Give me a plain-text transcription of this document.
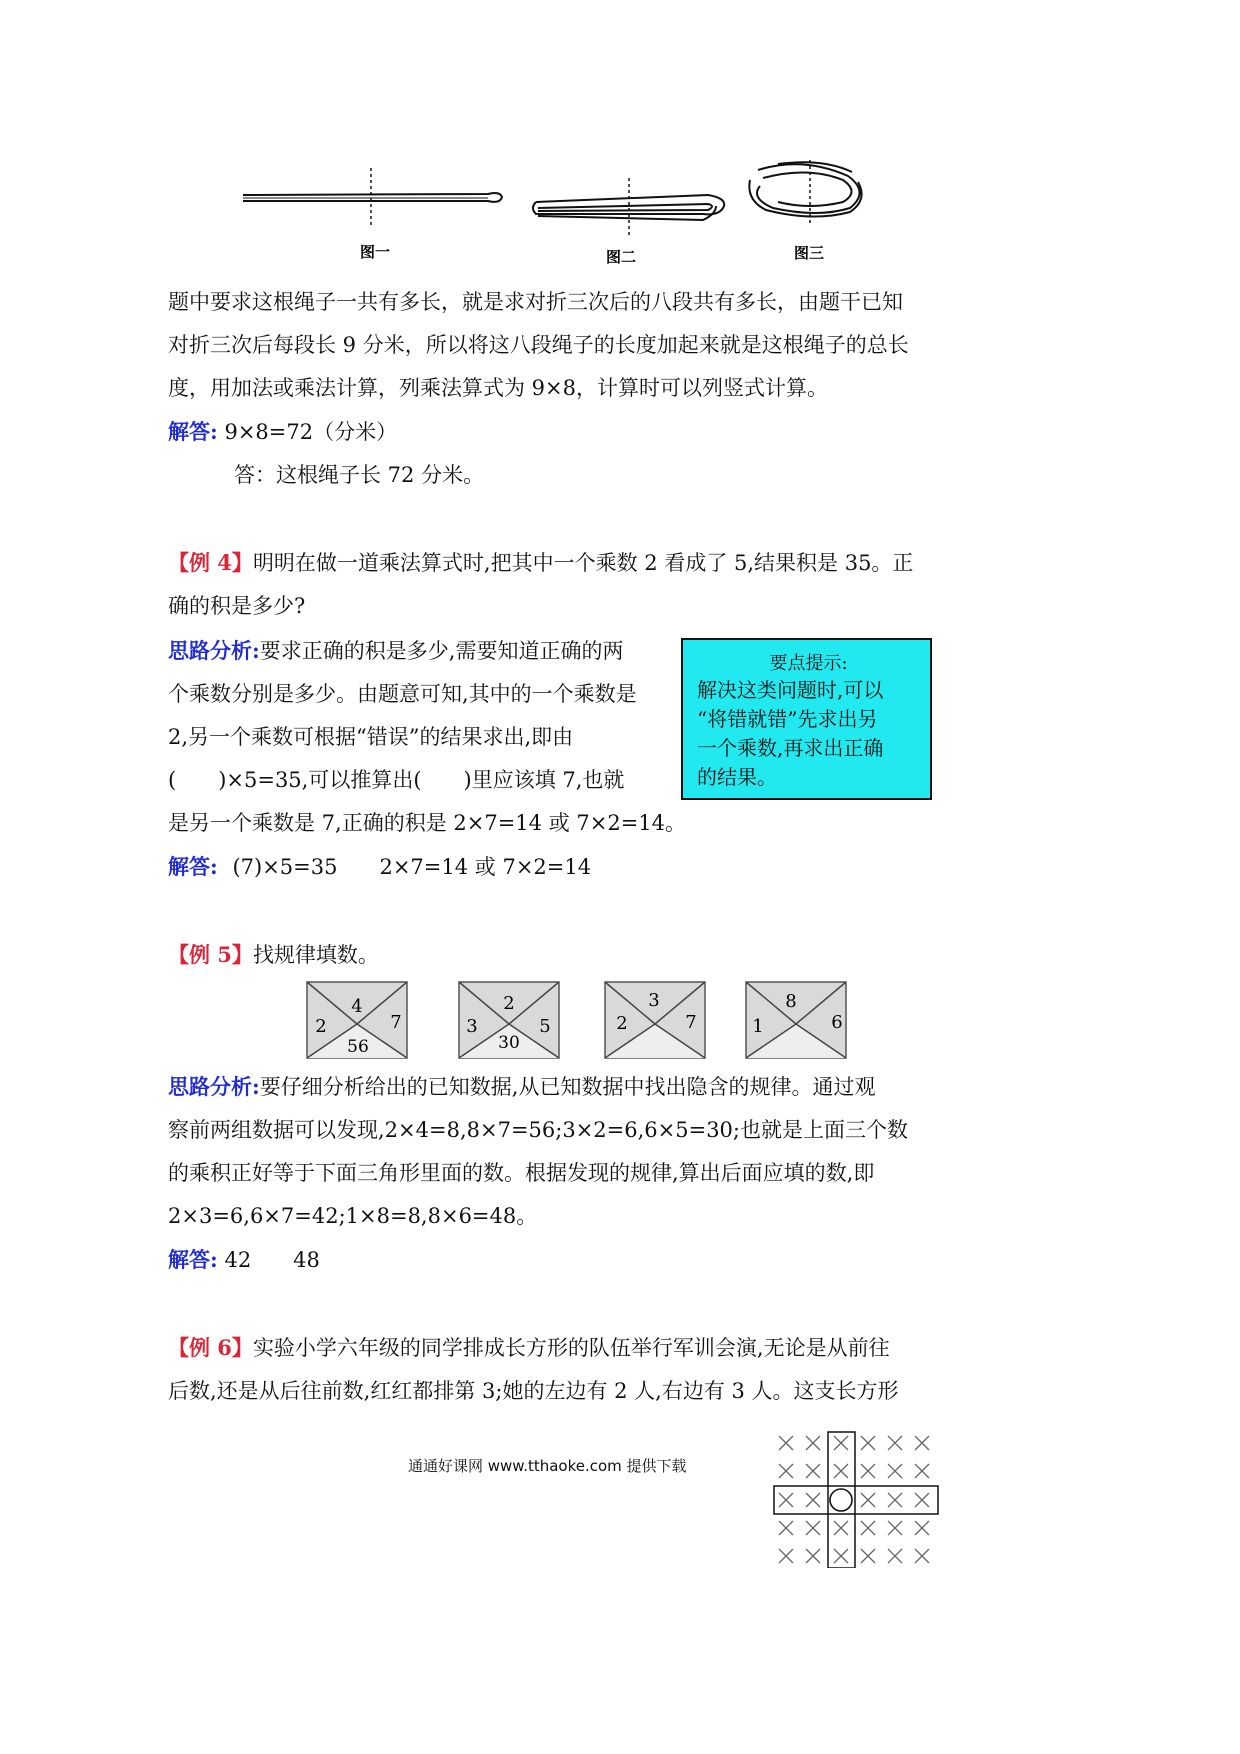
图一	图二	图三
题中要求这根绳子一共有多长，就是求对折三次后的八段共有多长，由题干已知
对折三次后每段长 9 分米，所以将这八段绳子的长度加起来就是这根绳子的总长
度，用加法或乘法计算，列乘法算式为 9×8，计算时可以列竖式计算。
解答: 9×8=72（分米）
答：这根绳子长 72 分米。
【例 4】明明在做一道乘法算式时,把其中一个乘数 2 看成了 5,结果积是 35。正
确的积是多少?
思路分析:要求正确的积是多少,需要知道正确的两
个乘数分别是多少。由题意可知,其中的一个乘数是
2,另一个乘数可根据“错误”的结果求出,即由
(　　)×5=35,可以推算出(　　)里应该填 7,也就
是另一个乘数是 7,正确的积是 2×7=14 或 7×2=14。
解答: (7)×5=35　　2×7=14 或 7×2=14
要点提示:
解决这类问题时,可以
“将错就错”先求出另
一个乘数,再求出正确
的结果。
【例 5】找规律填数。
4
2	7
56
2
3	5
30
3
2	7
8
1	6
思路分析:要仔细分析给出的已知数据,从已知数据中找出隐含的规律。通过观
察前两组数据可以发现,2×4=8,8×7=56;3×2=6,6×5=30;也就是上面三个数
的乘积正好等于下面三角形里面的数。根据发现的规律,算出后面应填的数,即
2×3=6,6×7=42;1×8=8,8×6=48。
解答: 42　　48
【例 6】实验小学六年级的同学排成长方形的队伍举行军训会演,无论是从前往
后数,还是从后往前数,红红都排第 3;她的左边有 2 人,右边有 3 人。这支长方形
通通好课网 www.tthaoke.com 提供下载
